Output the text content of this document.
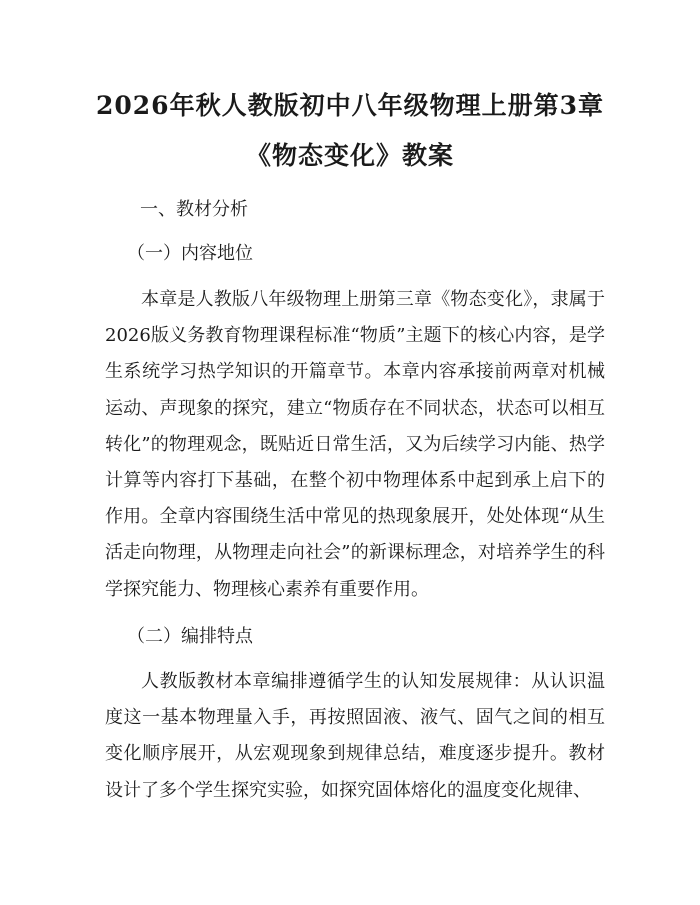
2026年秋人教版初中八年级物理上册第3章
《物态变化》教案
一、教材分析
（一）内容地位

本章是人教版八年级物理上册第三章《物态变化》，隶属于2026版义务教育物理课程标准“物质”主题下的核心内容，是学生系统学习热学知识的开篇章节。本章内容承接前两章对机械运动、声现象的探究，建立“物质存在不同状态，状态可以相互转化”的物理观念，既贴近日常生活，又为后续学习内能、热学计算等内容打下基础，在整个初中物理体系中起到承上启下的作用。全章内容围绕生活中常见的热现象展开，处处体现“从生活走向物理，从物理走向社会”的新课标理念，对培养学生的科学探究能力、物理核心素养有重要作用。

（二）编排特点

人教版教材本章编排遵循学生的认知发展规律：从认识温度这一基本物理量入手，再按照固液、液气、固气之间的相互变化顺序展开，从宏观现象到规律总结，难度逐步提升。教材设计了多个学生探究实验，如探究固体熔化的温度变化规律、
